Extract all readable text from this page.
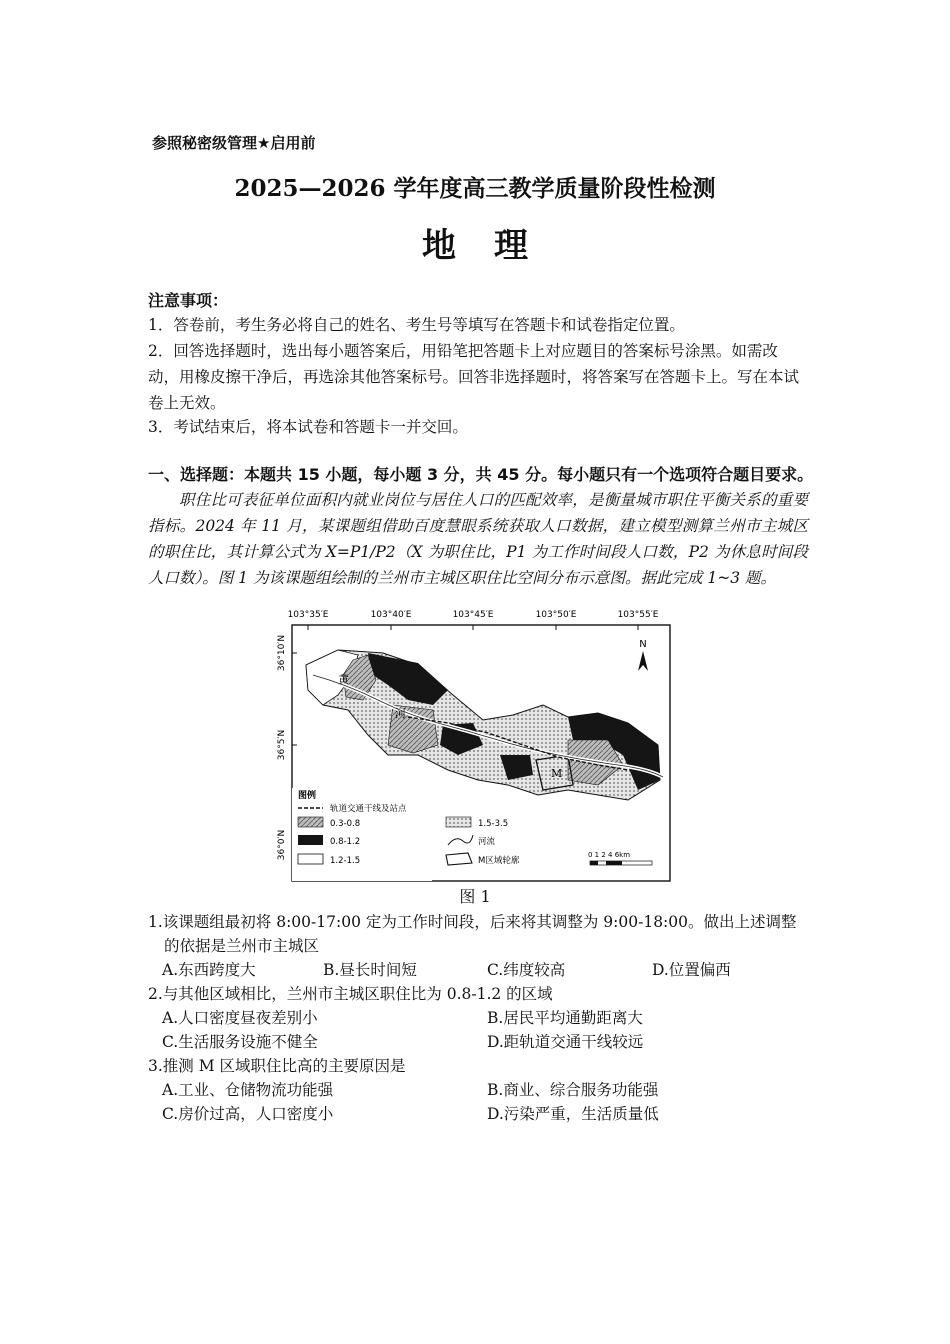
参照秘密级管理★启用前
2025—2026 学年度高三教学质量阶段性检测
地理
注意事项：
1．答卷前，考生务必将自己的姓名、考生号等填写在答题卡和试卷指定位置。
2．回答选择题时，选出每小题答案后，用铅笔把答题卡上对应题目的答案标号涂黑。如需改动，用橡皮擦干净后，再选涂其他答案标号。回答非选择题时，将答案写在答题卡上。写在本试卷上无效。
3．考试结束后，将本试卷和答题卡一并交回。
一、选择题：本题共 15 小题，每小题 3 分，共 45 分。每小题只有一个选项符合题目要求。
职住比可表征单位面积内就业岗位与居住人口的匹配效率，是衡量城市职住平衡关系的重要指标。2024 年 11 月，某课题组借助百度慧眼系统获取人口数据，建立模型测算兰州市主城区的职住比，其计算公式为 X=P1/P2（X 为职住比，P1 为工作时间段人口数，P2 为休息时间段人口数）。图 1 为该课题组绘制的兰州市主城区职住比空间分布示意图。据此完成 1~3 题。
103°35′E	103°40′E	103°45′E	103°50′E	103°55′E
36°10′N
36°5′N
36°0′N
M
黄
河
N
图例
轨道交通干线及站点
0.3-0.8
0.8-1.2
1.2-1.5
1.5-3.5
河流
M区域轮廓
0 1 2 4 6km
图 1
1.该课题组最初将 8:00-17:00 定为工作时间段，后来将其调整为 9:00-18:00。做出上述调整
的依据是兰州市主城区
A.东西跨度大	B.昼长时间短	C.纬度较高	D.位置偏西
2.与其他区域相比，兰州市主城区职住比为 0.8-1.2 的区域
A.人口密度昼夜差别小	B.居民平均通勤距离大
C.生活服务设施不健全	D.距轨道交通干线较远
3.推测 M 区域职住比高的主要原因是
A.工业、仓储物流功能强	B.商业、综合服务功能强
C.房价过高，人口密度小	D.污染严重，生活质量低
